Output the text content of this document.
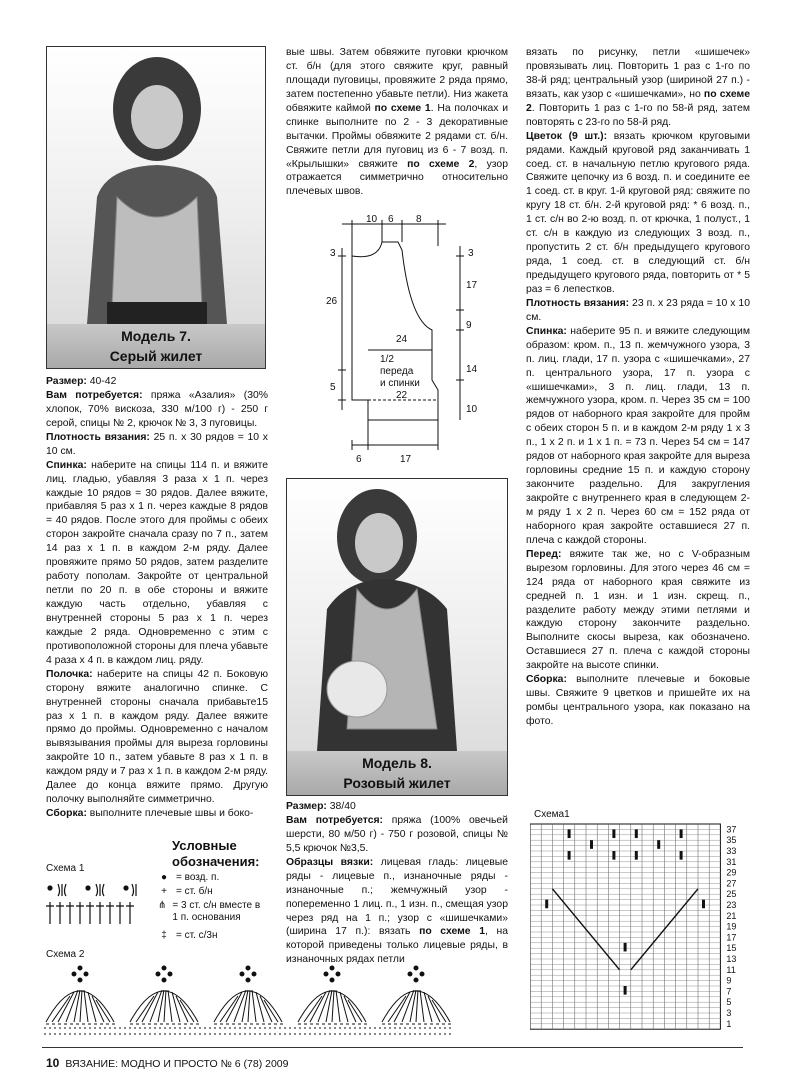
Модель 7.
Серый жилет

Размер: 40-42

Вам потребуется: пряжа «Азалия» (30% хлопок, 70% вискоза, 330 м/100 г) - 250 г серой, спицы № 2, крючок № 3, 3 пуговицы.

Плотность вязания: 25 п. х 30 рядов = 10 х 10 см.

Спинка: наберите на спицы 114 п. и вяжите лиц. гладью, убавляя 3 раза х 1 п. через каждые 10 рядов = 30 рядов. Далее вяжите, прибавляя 5 раз х 1 п. через каждые 8 рядов = 40 рядов. После этого для проймы с обеих сторон закройте сначала сразу по 7 п., затем 14 раз х 1 п. в каждом 2-м ряду. Далее провяжите прямо 50 рядов, затем разделите работу пополам. Закройте от центральной петли по 20 п. в обе стороны и вяжите каждую часть отдельно, убавляя с внутренней стороны 5 раз х 1 п. через каждые 2 ряда. Одновременно с этим с противоположной стороны для плеча убавьте 4 раза х 4 п. в каждом лиц. ряду.

Полочка: наберите на спицы 42 п. Боковую сторону вяжите аналогично спинке. С внутренней стороны сначала прибавьте15 раз х 1 п. в каждом ряду. Далее вяжите прямо до проймы. Одновременно с началом вывязывания проймы для выреза горловины закройте 10 п., затем убавьте 8 раз х 1 п. в каждом ряду и 7 раз х 1 п. в каждом 2-м ряду. Далее до конца вяжите прямо. Другую полочку выполняйте симметрично.

Сборка: выполните плечевые швы и боко-

Условные
обозначения:
● = возд. п.
+ = ст. б/н
⋔ = 3 ст. с/н вместе в 1 п. основания
‡ = ст. с/3н
Схема 1
Схема 2

вые швы. Затем обвяжите пуговки крючком ст. б/н (для этого свяжите круг, равный площади пуговицы, провяжите 2 ряда прямо, затем постепенно убавьте петли). Низ жакета обвяжите каймой по схеме 1. На полочках и спинке выполните по 2 - 3 декоративные вытачки. Проймы обвяжите 2 рядами ст. б/н. Свяжите петли для пуговиц из 6 - 7 возд. п. «Крылышки» свяжите по схеме 2, узор отражается симметрично относительно плечевых швов.

10 6 8
3
26
5
3
17
9
14
10
24
22
1/2
переда
и спинки
6	17
Модель 8.
Розовый жилет

Размер: 38/40

Вам потребуется: пряжа (100% овечьей шерсти, 80 м/50 г) - 750 г розовой, спицы № 5,5 крючок №3,5.

Образцы вязки: лицевая гладь: лицевые ряды - лицевые п., изнаночные ряды - изнаночные п.; жемчужный узор - попеременно 1 лиц. п., 1 изн. п., смещая узор через ряд на 1 п.; узор с «шишечками» (ширина 17 п.): вязать по схеме 1, на которой приведены только лицевые ряды, в изнаночных рядах петли

вязать по рисунку, петли «шишечек» провязывать лиц. Повторить 1 раз с 1-го по 38-й ряд; центральный узор (шириной 27 п.) - вязать, как узор с «шишечками», но по схеме 2. Повторить 1 раз с 1-го по 58-й ряд, затем повторять с 23-го по 58-й ряд.

Цветок (9 шт.): вязать крючком круговыми рядами. Каждый круговой ряд заканчивать 1 соед. ст. в начальную петлю кругового ряда. Свяжите цепочку из 6 возд. п. и соедините ее 1 соед. ст. в круг. 1-й круговой ряд: свяжите по кругу 18 ст. б/н. 2-й круговой ряд: * 6 возд. п., 1 ст. с/н во 2-ю возд. п. от крючка, 1 полуст., 1 ст. с/н в каждую из следующих 3 возд. п., пропустить 2 ст. б/н предыдущего кругового ряда, 1 соед. ст. в следующий ст. б/н предыдущего кругового ряда, повторить от * 5 раз = 6 лепестков.

Плотность вязания: 23 п. х 23 ряда = 10 х 10 см.

Спинка: наберите 95 п. и вяжите следующим образом: кром. п., 13 п. жемчужного узора, 3 п. лиц. глади, 17 п. узора с «шишечками», 27 п. центрального узора, 17 п. узора с «шишечками», 3 п. лиц. глади, 13 п. жемчужного узора, кром. п. Через 35 см = 100 рядов от наборного края закройте для пройм с обеих сторон 5 п. и в каждом 2-м ряду 1 х 3 п., 1 х 2 п. и 1 х 1 п. = 73 п. Через 54 см = 147 рядов от наборного края закройте для выреза горловины средние 15 п. и каждую сторону закончите раздельно. Для закругления закройте с внутреннего края в следующем 2-м ряду 1 х 2 п. Через 60 см = 152 ряда от наборного края закройте оставшиеся 27 п. плеча с каждой стороны.

Перед: вяжите так же, но с V-образным вырезом горловины. Для этого через 46 см = 124 ряда от наборного края свяжите из средней п. 1 изн. и 1 изн. скрещ. п., разделите работу между этими петлями и каждую сторону закончите раздельно. Выполните скосы выреза, как обозначено. Оставшиеся 27 п. плеча с каждой стороны закройте на высоте спинки.

Сборка: выполните плечевые и боковые швы. Свяжите 9 цветков и пришейте их на ромбы центрального узора, как показано на фото.

Схема1
37
35
33
31
29
27
25
23
21
19
17
15
13
11
9
7
5
3
1
10 ВЯЗАНИЕ: МОДНО И ПРОСТО № 6 (78) 2009
